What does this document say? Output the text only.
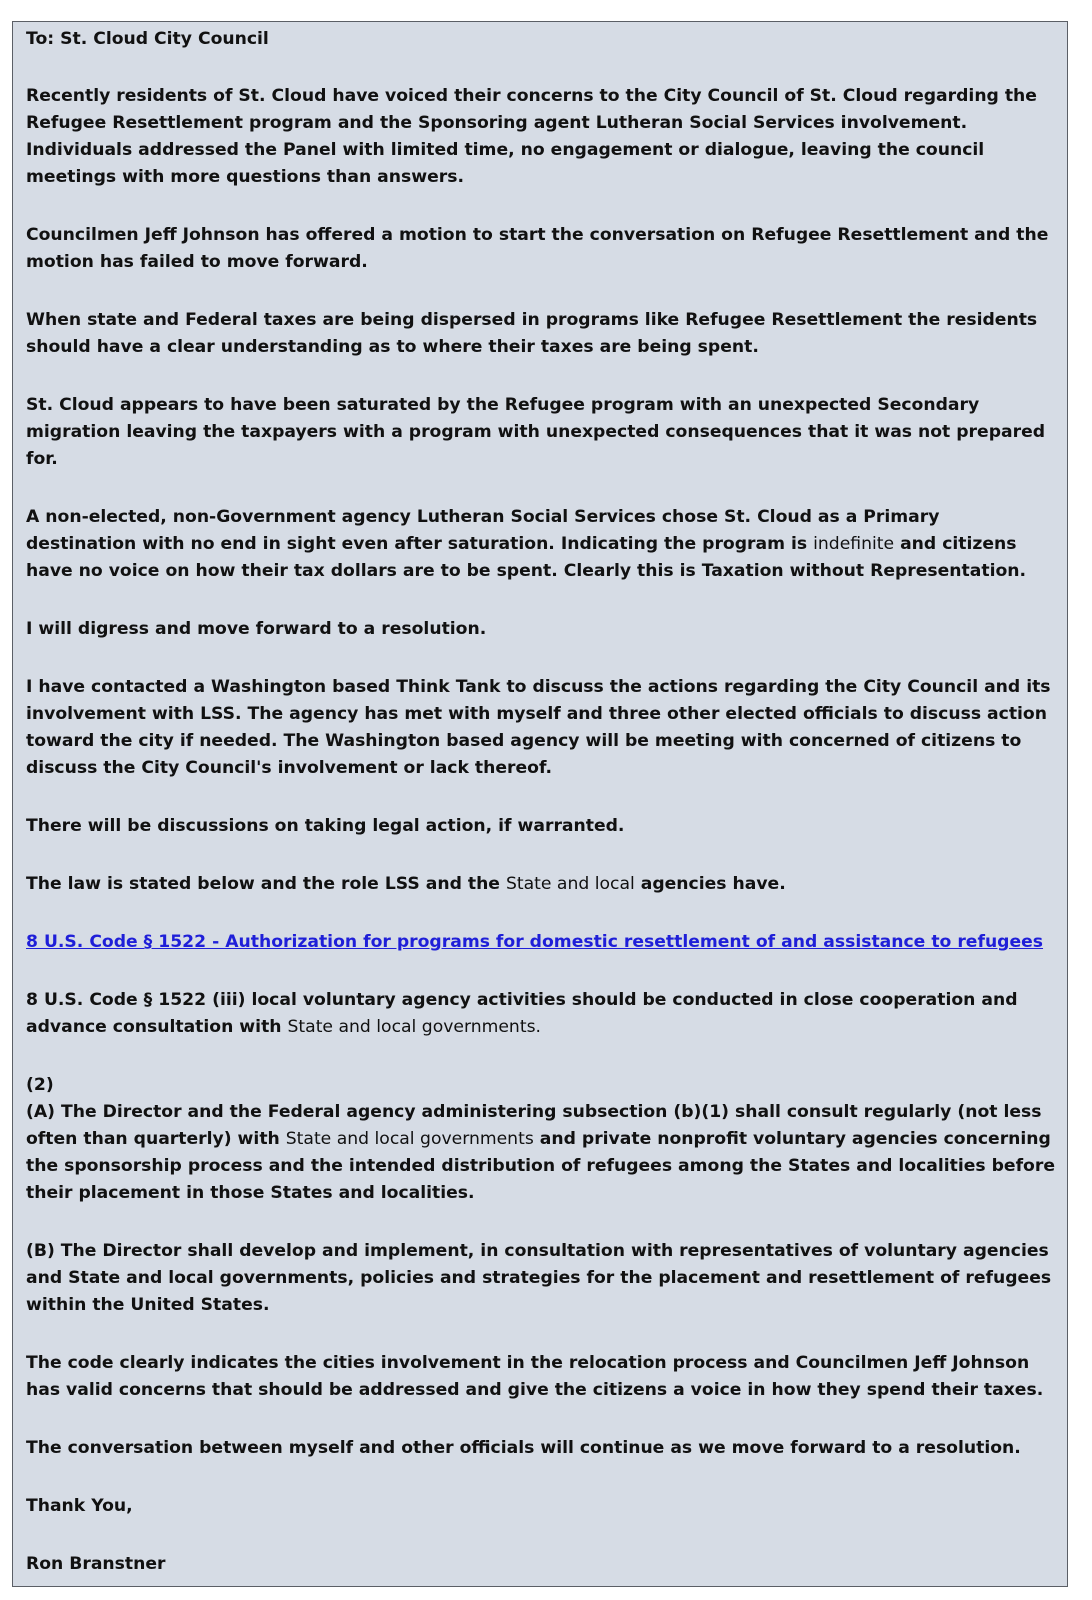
To: St. Cloud City Council

Recently residents of St. Cloud have voiced their concerns to the City Council of St. Cloud regarding the Refugee Resettlement program and the Sponsoring agent Lutheran Social Services involvement. Individuals addressed the Panel with limited time, no engagement or dialogue, leaving the council meetings with more questions than answers.

Councilmen Jeff Johnson has offered a motion to start the conversation on Refugee Resettlement and the motion has failed to move forward.

When state and Federal taxes are being dispersed in programs like Refugee Resettlement the residents should have a clear understanding as to where their taxes are being spent.

St. Cloud appears to have been saturated by the Refugee program with an unexpected Secondary migration leaving the taxpayers with a program with unexpected consequences that it was not prepared for.

A non-elected, non-Government agency Lutheran Social Services chose St. Cloud as a Primary destination with no end in sight even after saturation. Indicating the program is indefinite and citizens have no voice on how their tax dollars are to be spent. Clearly this is Taxation without Representation.

I will digress and move forward to a resolution.

I have contacted a Washington based Think Tank to discuss the actions regarding the City Council and its involvement with LSS. The agency has met with myself and three other elected officials to discuss action toward the city if needed. The Washington based agency will be meeting with concerned of citizens to discuss the City Council's involvement or lack thereof.

There will be discussions on taking legal action, if warranted.

The law is stated below and the role LSS and the State and local agencies have.

8 U.S. Code § 1522 - Authorization for programs for domestic resettlement of and assistance to refugees

8 U.S. Code § 1522 (iii) local voluntary agency activities should be conducted in close cooperation and advance consultation with State and local governments.

(2)
(A) The Director and the Federal agency administering subsection (b)(1) shall consult regularly (not less often than quarterly) with State and local governments and private nonprofit voluntary agencies concerning the sponsorship process and the intended distribution of refugees among the States and localities before their placement in those States and localities.

(B) The Director shall develop and implement, in consultation with representatives of voluntary agencies and State and local governments, policies and strategies for the placement and resettlement of refugees within the United States.

The code clearly indicates the cities involvement in the relocation process and Councilmen Jeff Johnson has valid concerns that should be addressed and give the citizens a voice in how they spend their taxes.

The conversation between myself and other officials will continue as we move forward to a resolution.

Thank You,

Ron Branstner
